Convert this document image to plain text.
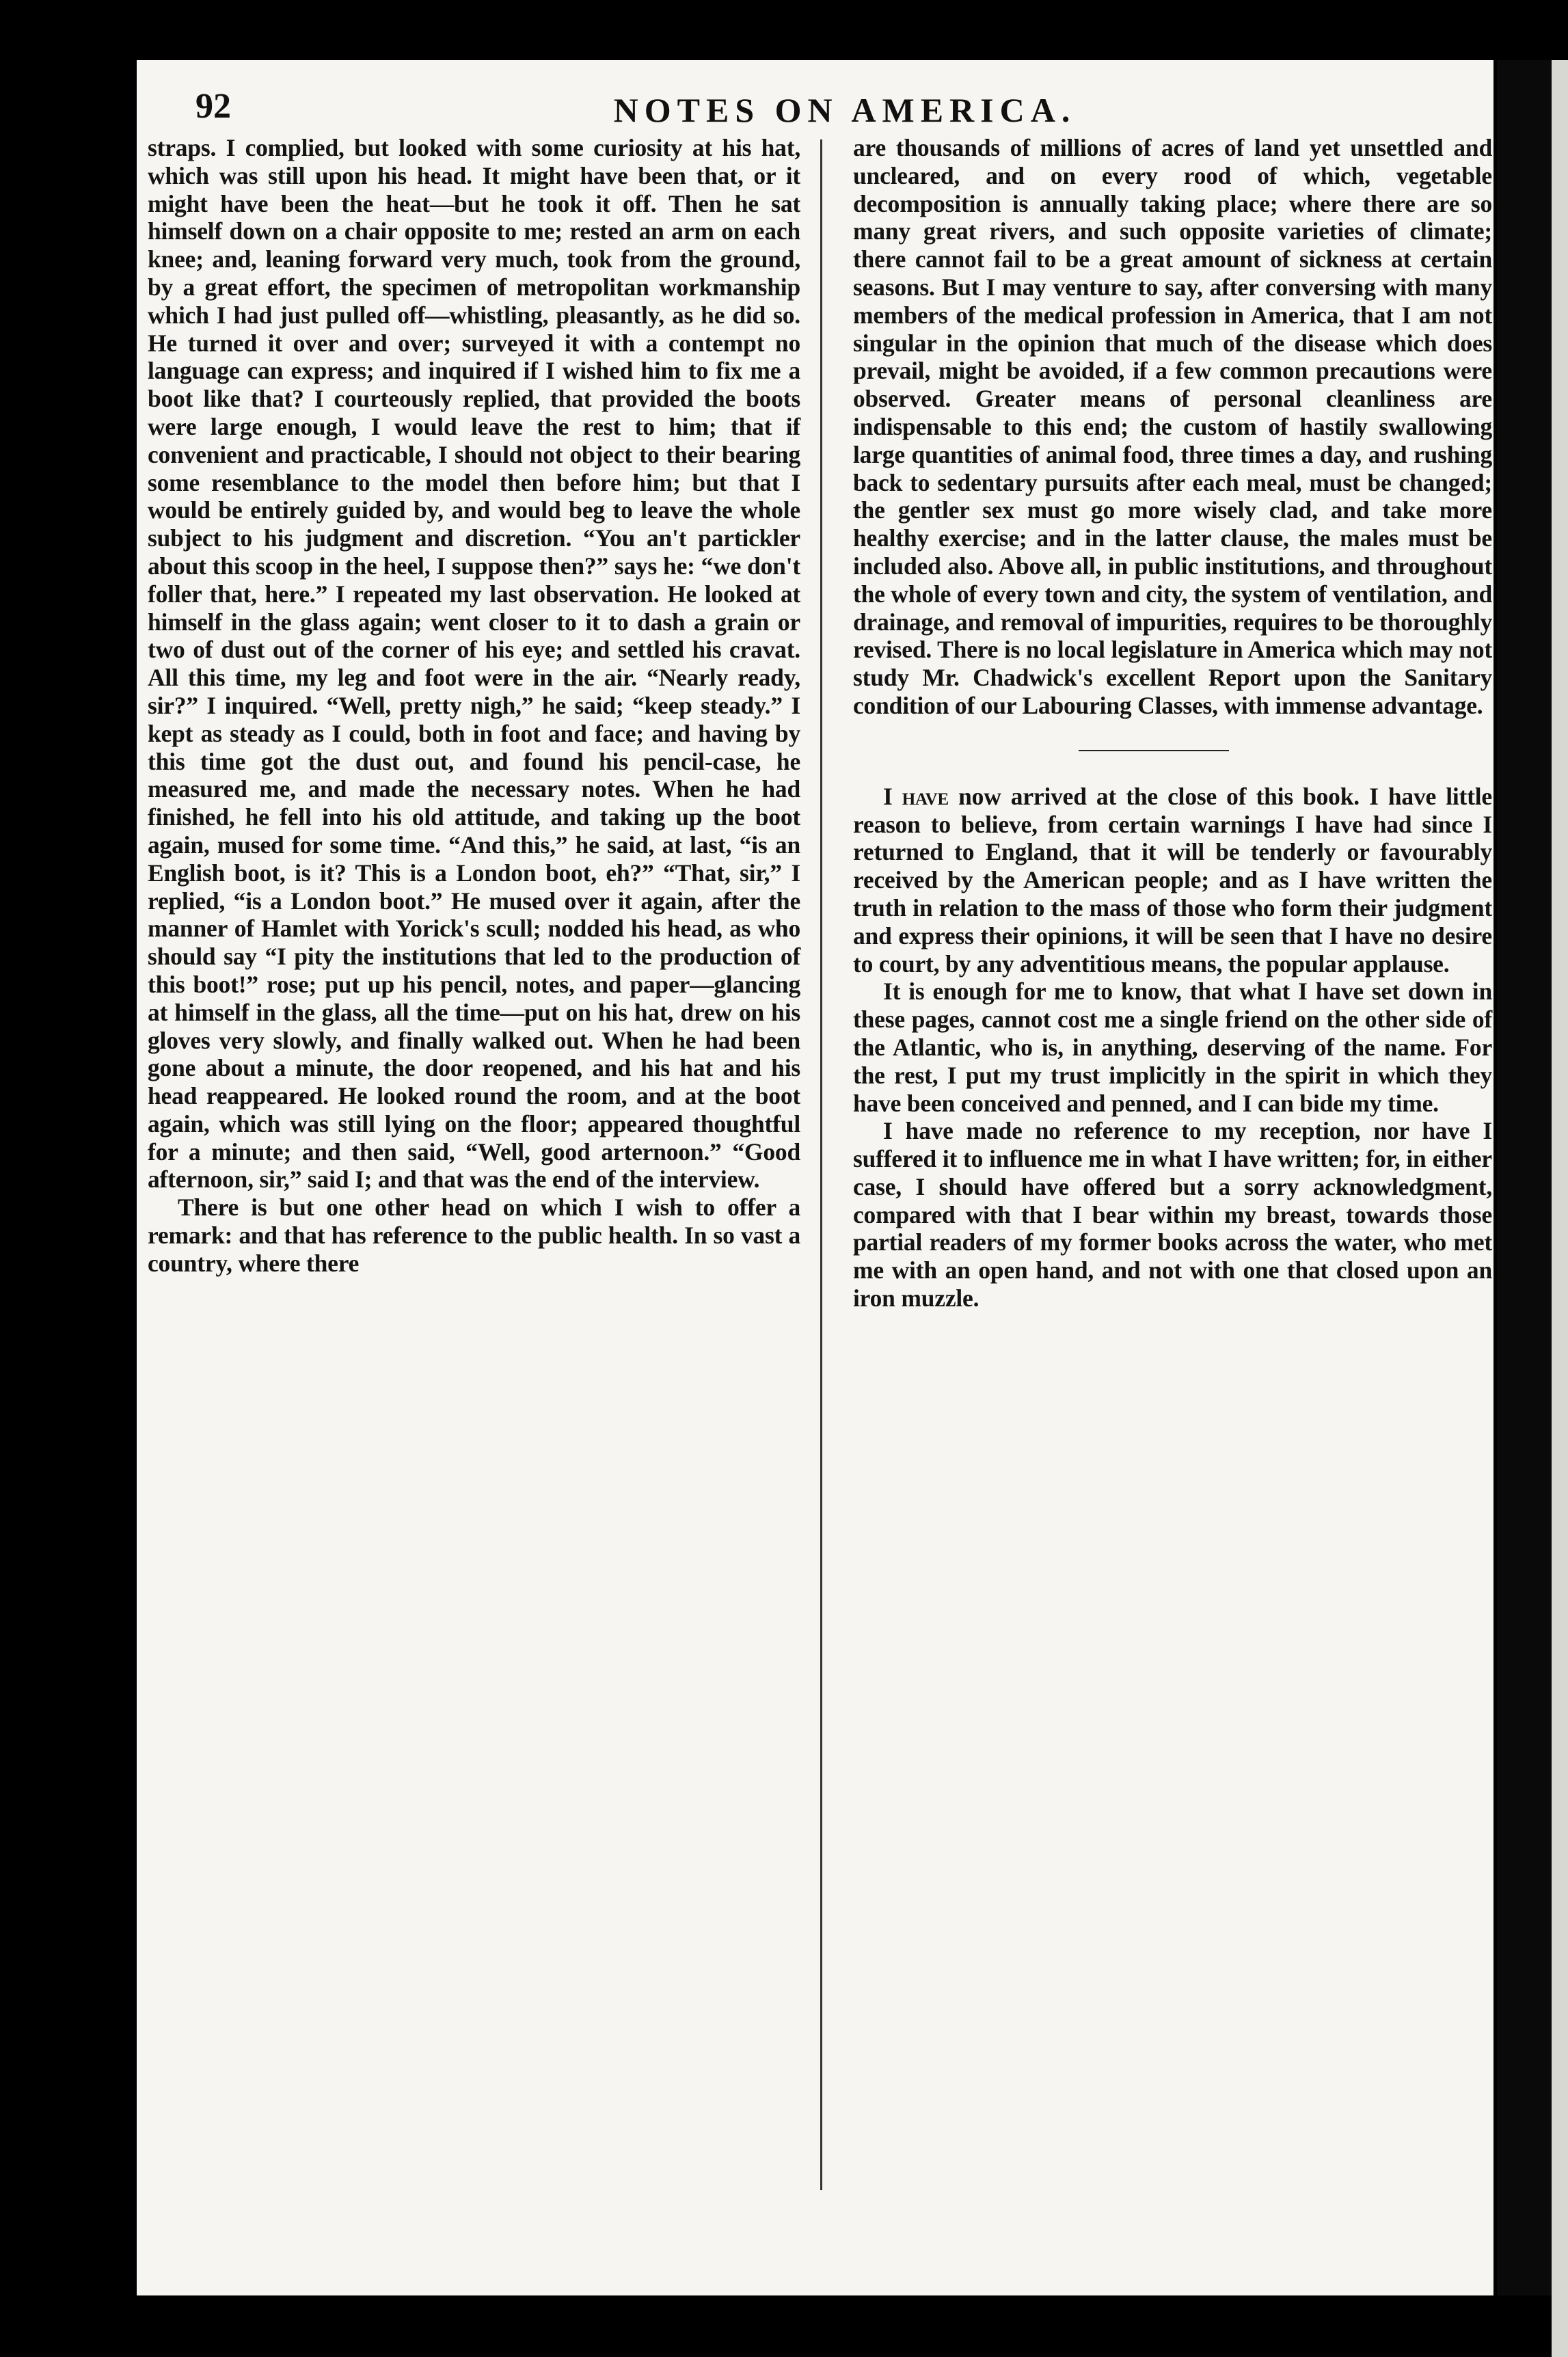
92	NOTES ON AMERICA.

straps. I complied, but looked with some curiosity at his hat, which was still upon his head. It might have been that, or it might have been the heat—but he took it off. Then he sat himself down on a chair opposite to me; rested an arm on each knee; and, leaning forward very much, took from the ground, by a great effort, the specimen of metropolitan workmanship which I had just pulled off—whistling, pleasantly, as he did so. He turned it over and over; surveyed it with a contempt no language can express; and inquired if I wished him to fix me a boot like that? I courteously replied, that provided the boots were large enough, I would leave the rest to him; that if convenient and practicable, I should not object to their bearing some resemblance to the model then before him; but that I would be entirely guided by, and would beg to leave the whole subject to his judgment and discretion. “You an't partickler about this scoop in the heel, I suppose then?” says he: “we don't foller that, here.” I repeated my last observation. He looked at himself in the glass again; went closer to it to dash a grain or two of dust out of the corner of his eye; and settled his cravat. All this time, my leg and foot were in the air. “Nearly ready, sir?” I inquired. “Well, pretty nigh,” he said; “keep steady.” I kept as steady as I could, both in foot and face; and having by this time got the dust out, and found his pencil-case, he measured me, and made the necessary notes. When he had finished, he fell into his old attitude, and taking up the boot again, mused for some time. “And this,” he said, at last, “is an English boot, is it? This is a London boot, eh?” “That, sir,” I replied, “is a London boot.” He mused over it again, after the manner of Hamlet with Yorick's scull; nodded his head, as who should say “I pity the institutions that led to the production of this boot!” rose; put up his pencil, notes, and paper—glancing at himself in the glass, all the time—put on his hat, drew on his gloves very slowly, and finally walked out. When he had been gone about a minute, the door reopened, and his hat and his head reappeared. He looked round the room, and at the boot again, which was still lying on the floor; appeared thoughtful for a minute; and then said, “Well, good arternoon.” “Good afternoon, sir,” said I; and that was the end of the interview.

There is but one other head on which I wish to offer a remark: and that has reference to the public health. In so vast a country, where there

are thousands of millions of acres of land yet unsettled and uncleared, and on every rood of which, vegetable decomposition is annually taking place; where there are so many great rivers, and such opposite varieties of climate; there cannot fail to be a great amount of sickness at certain seasons. But I may venture to say, after conversing with many members of the medical profession in America, that I am not singular in the opinion that much of the disease which does prevail, might be avoided, if a few common precautions were observed. Greater means of personal cleanliness are indispensable to this end; the custom of hastily swallowing large quantities of animal food, three times a day, and rushing back to sedentary pursuits after each meal, must be changed; the gentler sex must go more wisely clad, and take more healthy exercise; and in the latter clause, the males must be included also. Above all, in public institutions, and throughout the whole of every town and city, the system of ventilation, and drainage, and removal of impurities, requires to be thoroughly revised. There is no local legislature in America which may not study Mr. Chadwick's excellent Report upon the Sanitary condition of our Labouring Classes, with immense advantage.

I have now arrived at the close of this book. I have little reason to believe, from certain warnings I have had since I returned to England, that it will be tenderly or favourably received by the American people; and as I have written the truth in relation to the mass of those who form their judgment and express their opinions, it will be seen that I have no desire to court, by any adventitious means, the popular applause.

It is enough for me to know, that what I have set down in these pages, cannot cost me a single friend on the other side of the Atlantic, who is, in anything, deserving of the name. For the rest, I put my trust implicitly in the spirit in which they have been conceived and penned, and I can bide my time.

I have made no reference to my reception, nor have I suffered it to influence me in what I have written; for, in either case, I should have offered but a sorry acknowledgment, compared with that I bear within my breast, towards those partial readers of my former books across the water, who met me with an open hand, and not with one that closed upon an iron muzzle.
